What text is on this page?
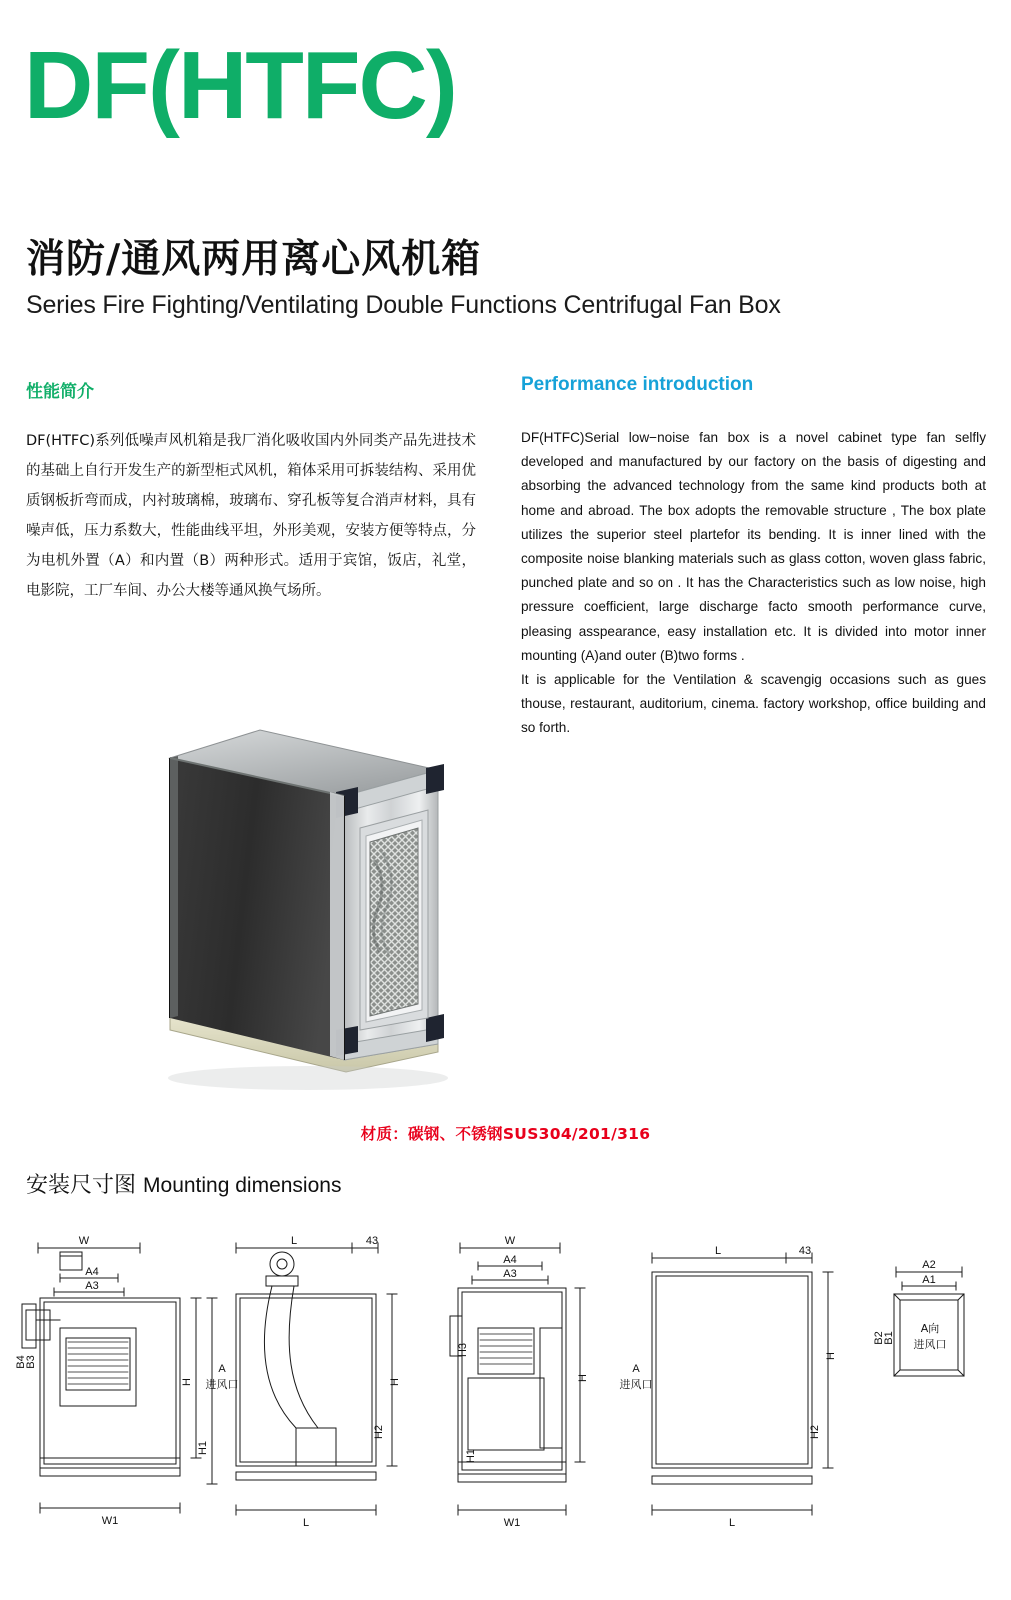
DF(HTFC)
消防/通风两用离心风机箱
Series Fire Fighting/Ventilating Double Functions Centrifugal Fan Box
性能简介	Performance introduction
DF(HTFC)系列低噪声风机箱是我厂消化吸收国内外同类产品先进技术的基础上自行开发生产的新型柜式风机，箱体采用可拆装结构、采用优质钢板折弯而成，内衬玻璃棉，玻璃布、穿孔板等复合消声材料，具有噪声低，压力系数大，性能曲线平坦，外形美观，安装方便等特点，分为电机外置（A）和内置（B）两种形式。适用于宾馆，饭店，礼堂，电影院，工厂车间、办公大楼等通风换气场所。

DF(HTFC)Serial low−noise fan box is a novel cabinet type fan selfly developed and manufactured by our factory on the basis of digesting and absorbing the advanced technology from the same kind products both at home and abroad. The box adopts the removable structure , The box plate utilizes the superior steel plartefor its bending. It is inner lined with the composite noise blanking materials such as glass cotton, woven glass fabric, punched plate and so on . It has the Characteristics such as low noise, high pressure coefficient, large discharge facto smooth performance curve, pleasing asspearance, easy installation etc. It is divided into motor inner mounting (A)and outer (B)two forms .

It is applicable for the Ventilation & scavengig occasions such as gues thouse, restaurant, auditorium, cinema. factory workshop, office building and so forth.

材质：碳钢、不锈钢SUS304/201/316
安装尺寸图 Mounting dimensions
W
A4
A3
B4
B3
H
H1
W1
L	43
H
H2
A
进风口
L
W
A4
A3
H3
H1
H
W1
L	43
A
进风口
H
H2
L
A2
A1
B2
B1
A向
进风口
